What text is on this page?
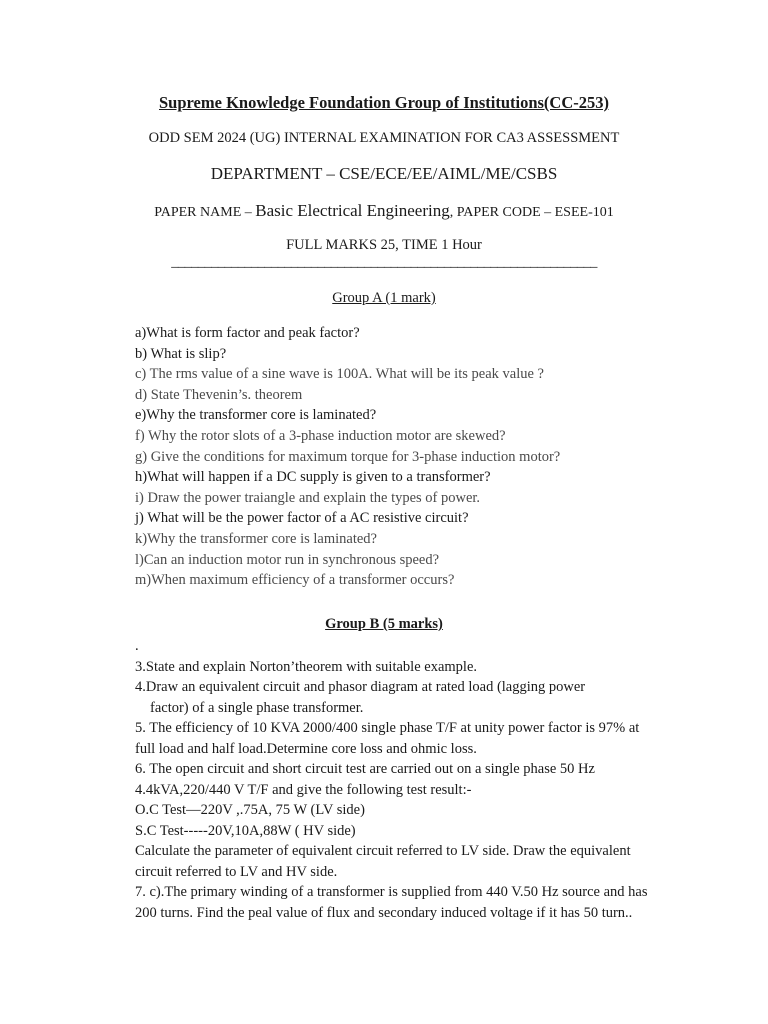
Supreme Knowledge Foundation Group of Institutions(CC-253)
ODD SEM 2024 (UG) INTERNAL EXAMINATION FOR CA3 ASSESSMENT
DEPARTMENT – CSE/ECE/EE/AIML/ME/CSBS
PAPER NAME – Basic Electrical Engineering, PAPER CODE – ESEE-101
FULL MARKS 25, TIME 1 Hour
________________________________________________________________
Group A (1 mark)
a)What is form factor and peak factor?
b) What is slip?
c) The rms value of a sine wave is 100A. What will be its peak value ?
d) State Thevenin’s. theorem
e)Why the transformer core is laminated?
f) Why the rotor slots of a 3-phase induction motor are skewed?
g) Give the conditions for maximum torque for 3-phase induction motor?
h)What will happen if a DC supply is given to a transformer?
i) Draw the power traiangle and explain the types of power.
j) What will be the power factor of a AC resistive circuit?
k)Why the transformer core is laminated?
l)Can an induction motor run in synchronous speed?
m)When maximum efficiency of a transformer occurs?
Group B (5 marks)
.
3.State and explain Norton’theorem with suitable example.
4.Draw an equivalent circuit and phasor diagram at rated load (lagging power
factor) of a single phase transformer.
5. The efficiency of 10 KVA 2000/400 single phase T/F at unity power factor is 97% at
full load and half load.Determine core loss and ohmic loss.
6. The open circuit and short circuit test are carried out on a single phase 50 Hz
4.4kVA,220/440 V T/F and give the following test result:-
O.C Test—220V ,.75A, 75 W (LV side)
S.C Test-----20V,10A,88W ( HV side)
Calculate the parameter of equivalent circuit referred to LV side. Draw the equivalent
circuit referred to LV and HV side.
7. c).The primary winding of a transformer is supplied from 440 V.50 Hz source and has
200 turns. Find the peal value of flux and secondary induced voltage if it has 50 turn..
